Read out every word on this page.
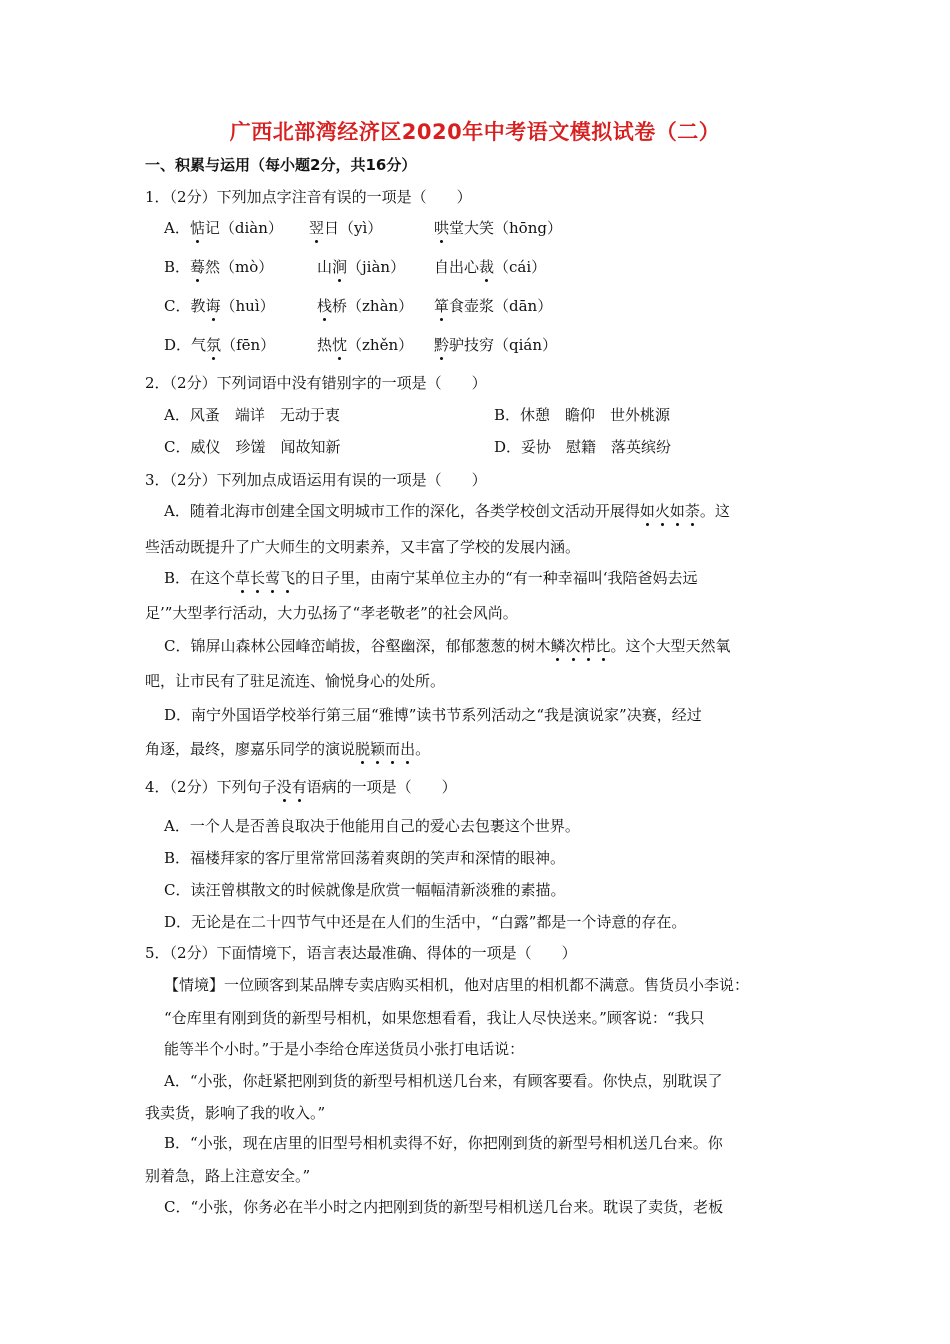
广西北部湾经济区2020年中考语文模拟试卷（二）
一、积累与运用（每小题2分，共16分）
1．（2分）下列加点字注音有误的一项是（　　）
A．惦记（diàn） 翌日（yì）	哄堂大笑（hōng）
B．蓦然（mò）	山涧（jiàn） 自出心裁（cái）
C．教诲（huì）	栈桥（zhàn） 箪食壶浆（dān）
D．气氛（fēn）	热忱（zhěn） 黔驴技穷（qián）
2．（2分）下列词语中没有错别字的一项是（　　）
A．风蚤　端详　无动于衷	B．休憩　瞻仰　世外桃源
C．威仪　珍馐　闻故知新	D．妥协　慰籍　落英缤纷
3．（2分）下列加点成语运用有误的一项是（　　）
A．随着北海市创建全国文明城市工作的深化，各类学校创文活动开展得如火如荼。这
些活动既提升了广大师生的文明素养，又丰富了学校的发展内涵。
B．在这个草长莺飞的日子里，由南宁某单位主办的“有一种幸福叫‘我陪爸妈去远
足’”大型孝行活动，大力弘扬了“孝老敬老”的社会风尚。
C．锦屏山森林公园峰峦峭拔，谷壑幽深，郁郁葱葱的树木鳞次栉比。这个大型天然氧
吧，让市民有了驻足流连、愉悦身心的处所。
D．南宁外国语学校举行第三届“雅博”读书节系列活动之“我是演说家”决赛，经过
角逐，最终，廖嘉乐同学的演说脱颖而出。
4．（2分）下列句子没有语病的一项是（　　）
A．一个人是否善良取决于他能用自己的爱心去包裹这个世界。
B．福楼拜家的客厅里常常回荡着爽朗的笑声和深情的眼神。
C．读汪曾棋散文的时候就像是欣赏一幅幅清新淡雅的素描。
D．无论是在二十四节气中还是在人们的生活中，“白露”都是一个诗意的存在。
5．（2分）下面情境下，语言表达最准确、得体的一项是（　　）
【情境】一位顾客到某品牌专卖店购买相机，他对店里的相机都不满意。售货员小李说：
“仓库里有刚到货的新型号相机，如果您想看看，我让人尽快送来。”顾客说：“我只
能等半个小时。”于是小李给仓库送货员小张打电话说：
A．“小张，你赶紧把刚到货的新型号相机送几台来，有顾客要看。你快点，别耽误了
我卖货，影响了我的收入。”
B．“小张，现在店里的旧型号相机卖得不好，你把刚到货的新型号相机送几台来。你
别着急，路上注意安全。”
C．“小张，你务必在半小时之内把刚到货的新型号相机送几台来。耽误了卖货，老板
